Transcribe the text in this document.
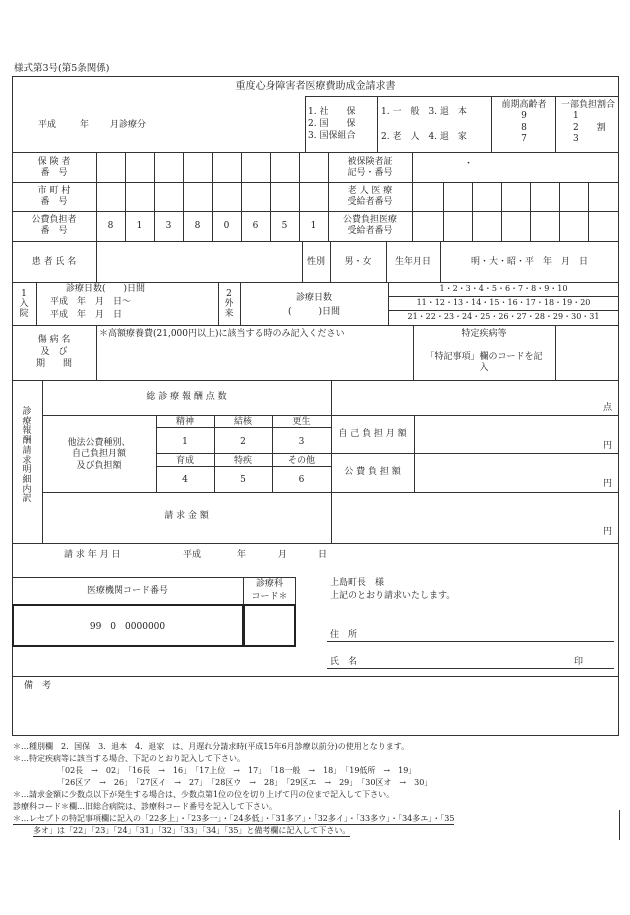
様式第3号(第5条関係)
重度心身障害者医療費助成金請求書
平成	年 月診療分
1. 社　　保
2. 国　　保
3. 国保組合
1. 一　般　3. 退　本
2. 老　人　4. 退　家
前期高齢者
9
8
7
一部負担割合
1
2　　割
3
保 険 者
番　号
被保険者証
記号・番号
・
市 町 村
番　号
老 人 医 療
受給者番号
公費負担者
番　号
公費負担医療
受給者番号
8	1	3	8	0	6	5	1
患 者 氏 名	性別	男・女	生年月日	明・大・昭・平　年　月　日
1
入
院
診療日数(　　)日間
平成　年　月　日～
平成　年　月　日
2
外
来
診療日数
(　　　)日間
1・2・3・4・5・6・7・8・9・10
11・12・13・14・15・16・17・18・19・20
21・22・23・24・25・26・27・28・29・30・31
傷 病 名
及　び
期　　間
＊高額療養費(21,000円以上)に該当する時のみ記入ください	特定疾病等
「特記事項」欄のコードを記
入
診療報酬請求明細内訳
総 診 療 報 酬 点 数
点
他法公費種別、
自己負担月額
及び負担額
精神	結核	更生
1	2	3
育成	特疾	その他
4	5	6
自 己 負 担 月 額
円
公 費 負 担 額
円
請 求 金 額
円
請 求 年 月 日	平成	年	月	日
医療機関コード番号
99　0　0000000
診療科
コード＊
上島町長　様
上記のとおり請求いたします。
住　所
氏　名	印
備　考
＊…種別欄　2．国保　3．退本　4．退家　は、月遅れ分請求時(平成15年6月診療以前分)の使用となります。
＊…特定疾病等に該当する場合、下記のとおり記入して下さい。
「02長　→　02」　「16長　→　16」　「17上位　→　17」　「18一般　→　18」　「19低所　→　19」
「26区ア　→　26」　「27区イ　→　27」　「28区ウ　→　28」　「29区エ　→　29」　「30区オ　→　30」
＊…請求金額に少数点以下が発生する場合は、少数点第1位の位を切り上げて円の位まで記入して下さい。
診療科コード＊欄…旧総合病院は、診療科コード番号を記入して下さい。
＊…レセプトの特記事項欄に記入の「22多上」・「23多一」・「24多低」・「31多ア」・「32多イ」・「33多ウ」・「34多エ」・「35
多オ」は「22」「23」「24」「31」「32」「33」「34」「35」と備考欄に記入して下さい。
